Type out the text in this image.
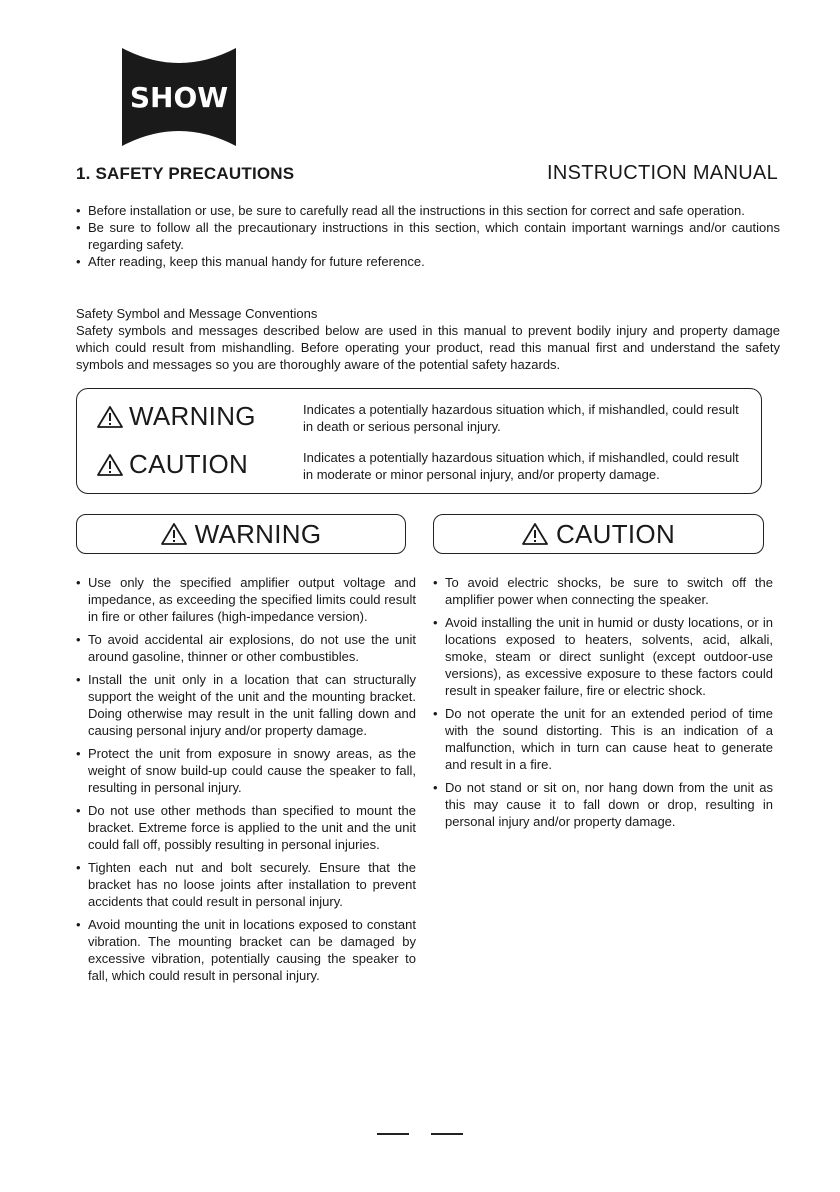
SHOW
1. SAFETY PRECAUTIONS	INSTRUCTION MANUAL

• Before installation or use, be sure to carefully read all the instructions in this section for correct and safe operation.

• Be sure to follow all the precautionary instructions in this section, which contain important warnings and/or cautions regarding safety.

• After reading, keep this manual handy for future reference.

Safety Symbol and Message Conventions

Safety symbols and messages described below are used in this manual to prevent bodily injury and property damage which could result from mishandling. Before operating your product, read this manual first and understand the safety symbols and messages so you are thoroughly aware of the potential safety hazards.

WARNING	Indicates a potentially hazardous situation which, if mishandled, could result in death or serious personal injury.
CAUTION	Indicates a potentially hazardous situation which, if mishandled, could result in moderate or minor personal injury, and/or property damage.
WARNING	CAUTION

• Use only the specified amplifier output voltage and impedance, as exceeding the specified limits could result in fire or other failures (high-impedance version).

• To avoid accidental air explosions, do not use the unit around gasoline, thinner or other combustibles.

• Install the unit only in a location that can structurally support the weight of the unit and the mounting bracket. Doing otherwise may result in the unit falling down and causing personal injury and/or property damage.

• Protect the unit from exposure in snowy areas, as the weight of snow build-up could cause the speaker to fall, resulting in personal injury.

• Do not use other methods than specified to mount the bracket. Extreme force is applied to the unit and the unit could fall off, possibly resulting in personal injuries.

• Tighten each nut and bolt securely. Ensure that the bracket has no loose joints after installation to prevent accidents that could result in personal injury.

• Avoid mounting the unit in locations exposed to constant vibration. The mounting bracket can be damaged by excessive vibration, potentially causing the speaker to fall, which could result in personal injury.

• To avoid electric shocks, be sure to switch off the amplifier power when connecting the speaker.

• Avoid installing the unit in humid or dusty locations, or in locations exposed to heaters, solvents, acid, alkali, smoke, steam or direct sunlight (except outdoor-use versions), as excessive exposure to these factors could result in speaker failure, fire or electric shock.

• Do not operate the unit for an extended period of time with the sound distorting. This is an indication of a malfunction, which in turn can cause heat to generate and result in a fire.

• Do not stand or sit on, nor hang down from the unit as this may cause it to fall down or drop, resulting in personal injury and/or property damage.
